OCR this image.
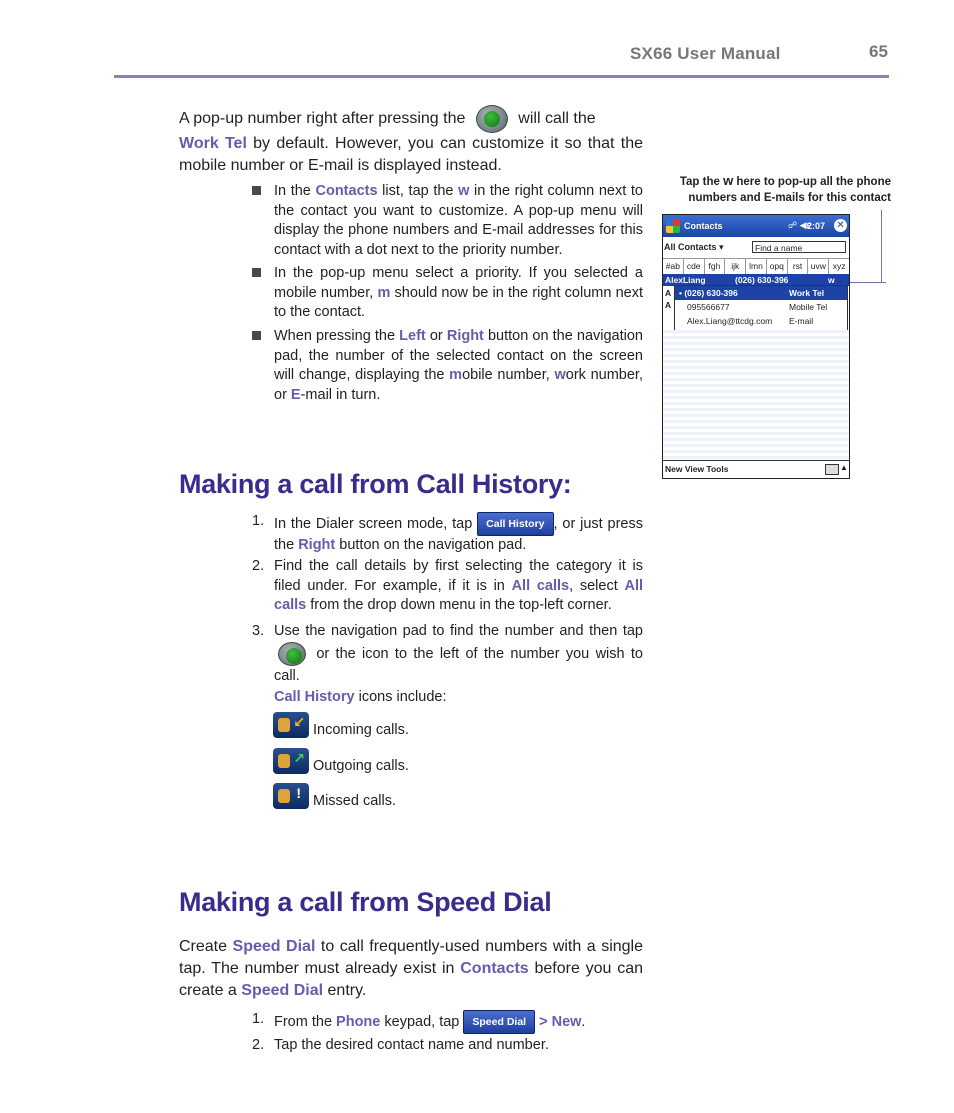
SX66 User Manual	65
A pop-up number right after pressing the	will call the
Work Tel by default. However, you can customize it so that the mobile number or E-mail is displayed instead.
In the Contacts list, tap the w in the right column next to the contact you want to customize. A pop-up menu will display the phone numbers and E-mail addresses for this contact with a dot next to the priority number.
In the pop-up menu select a priority. If you selected a mobile number, m should now be in the right column next to the contact.
When pressing the Left or Right button on the navigation pad, the number of the selected contact on the screen will change, displaying the mobile number, work number, or E-mail in turn.
Tap the w here to pop-up all the phone
numbers and E-mails for this contact
Contacts	☍ ◀ε
2:07 ✕
All Contacts ▾	Find a name
#ab cde fgh	ijk	lmn opq	rst	uvw xyz
AlexLiang	(026) 630-396	w
A
A
• (026) 630-396	Work Tel
095566677	Mobile Tel
Alex.Liang@ttcdg.com E-mail
New View Tools	▲
Making a call from Call History:
1. In the Dialer screen mode, tap Call History , or just press the Right button on the navigation pad.
2. Find the call details by first selecting the category it is filed under. For example, if it is in All calls, select All calls from the drop down menu in the top-left corner.
3. Use the navigation pad to find the number and then tap  or the icon to the left of the number you wish to call.
Call History icons include:
↙ Incoming calls.
↗ Outgoing calls.
! Missed calls.
Making a call from Speed Dial
Create Speed Dial to call frequently-used numbers with a single tap. The number must already exist in Contacts before you can create a Speed Dial entry.
1. From the Phone keypad, tap Speed Dial > New.
2. Tap the desired contact name and number.
